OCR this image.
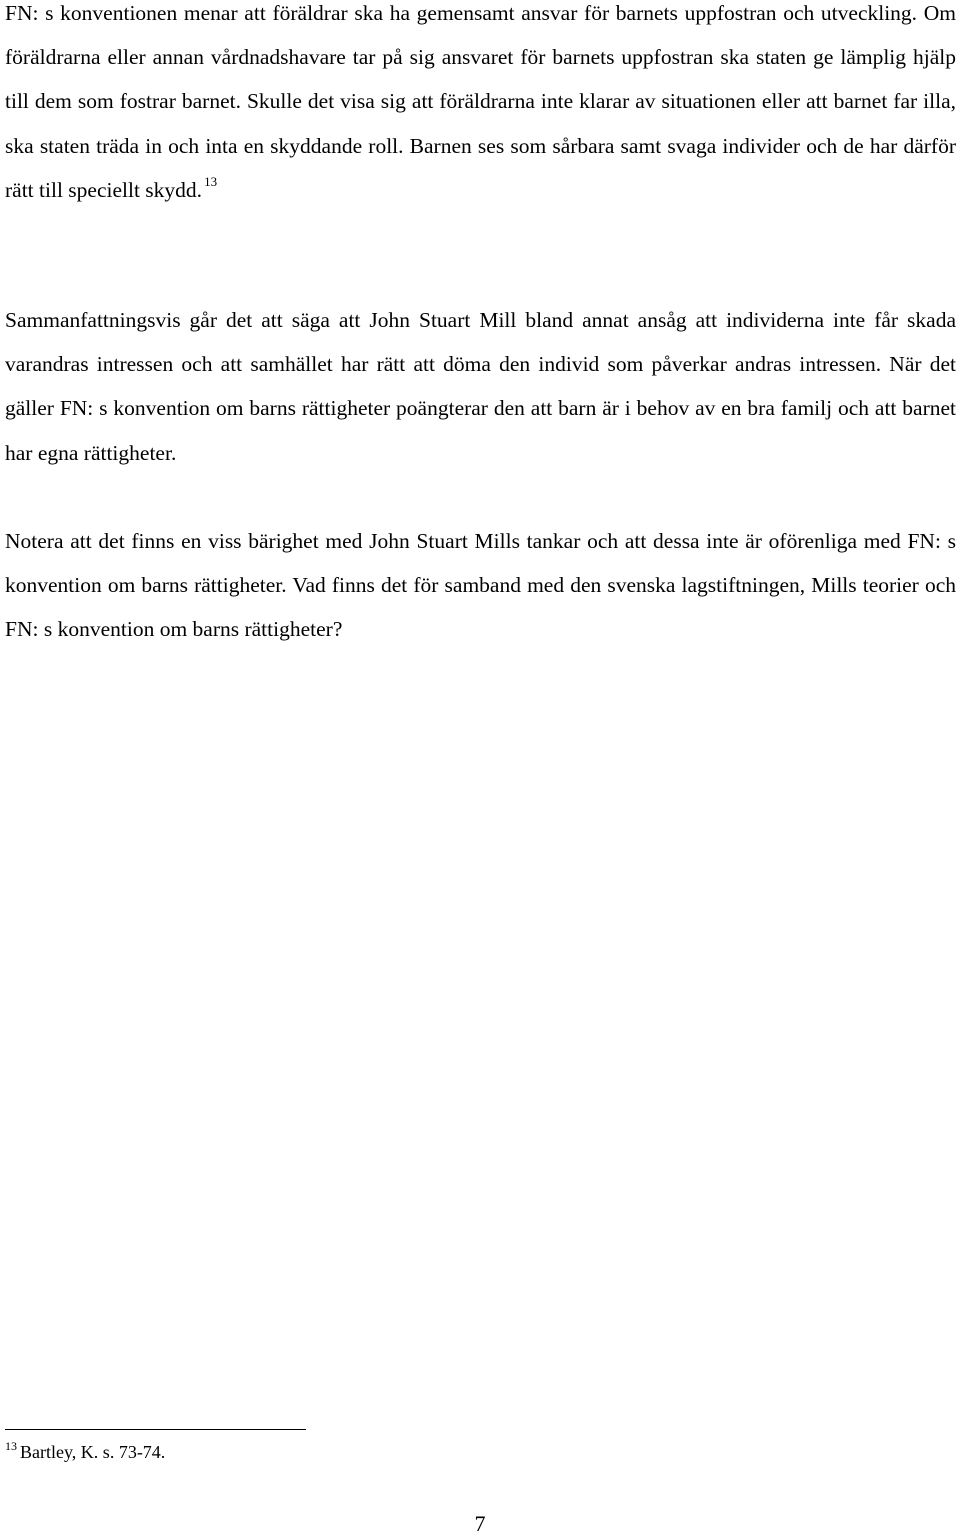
FN: s konventionen menar att föräldrar ska ha gemensamt ansvar för barnets uppfostran och utveckling. Om föräldrarna eller annan vårdnadshavare tar på sig ansvaret för barnets uppfostran ska staten ge lämplig hjälp till dem som fostrar barnet. Skulle det visa sig att föräldrarna inte klarar av situationen eller att barnet far illa, ska staten träda in och inta en skyddande roll. Barnen ses som sårbara samt svaga individer och de har därför rätt till speciellt skydd. $^{13}$

Sammanfattningsvis går det att säga att John Stuart Mill bland annat ansåg att individerna inte får skada varandras intressen och att samhället har rätt att döma den individ som påverkar andras intressen. När det gäller FN: s konvention om barns rättigheter poängterar den att barn är i behov av en bra familj och att barnet har egna rättigheter.

Notera att det finns en viss bärighet med John Stuart Mills tankar och att dessa inte är oförenliga med FN: s konvention om barns rättigheter. Vad finns det för samband med den svenska lagstiftningen, Mills teorier och FN: s konvention om barns rättigheter?

$^{13}$ Bartley, K. s. 73-74.

7
